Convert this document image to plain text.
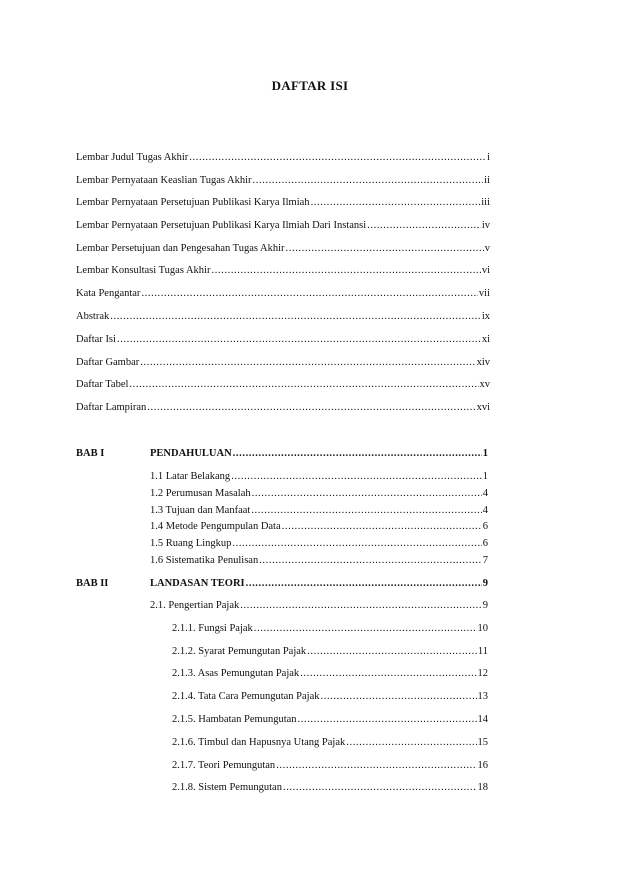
DAFTAR ISI
Lembar Judul Tugas Akhir .....	i
Lembar Pernyataan Keaslian Tugas Akhir .....	ii
Lembar Pernyataan Persetujuan Publikasi Karya Ilmiah .....	iii
Lembar Pernyataan Persetujuan Publikasi Karya Ilmiah Dari Instansi .....	iv
Lembar Persetujuan dan Pengesahan Tugas Akhir .....	v
Lembar Konsultasi Tugas Akhir .....	vi
Kata Pengantar .....	vii
Abstrak .....	ix
Daftar Isi .....	xi
Daftar Gambar .....	xiv
Daftar Tabel .....	xv
Daftar Lampiran .....	xvi
BAB I	PENDAHULUAN .....	1
1.1 Latar Belakang .....	1
1.2 Perumusan Masalah .....	4
1.3 Tujuan dan Manfaat .....	4
1.4 Metode Pengumpulan Data .....	6
1.5 Ruang Lingkup .....	6
1.6 Sistematika Penulisan .....	7
BAB II	LANDASAN TEORI .....	9
2.1. Pengertian Pajak .....	9
2.1.1. Fungsi Pajak .....	10
2.1.2. Syarat Pemungutan Pajak .....	11
2.1.3. Asas Pemungutan Pajak .....	12
2.1.4. Tata Cara Pemungutan Pajak .....	13
2.1.5. Hambatan Pemungutan .....	14
2.1.6. Timbul dan Hapusnya Utang Pajak .....	15
2.1.7. Teori Pemungutan .....	16
2.1.8. Sistem Pemungutan .....	18
